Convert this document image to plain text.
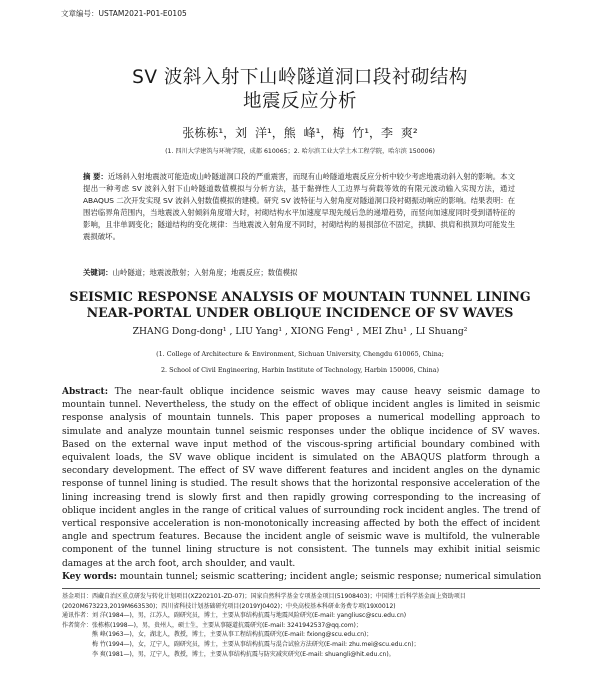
文章编号：USTAM2021-P01-E0105
SV 波斜入射下山岭隧道洞口段衬砌结构
地震反应分析
张栋栋¹，刘 洋¹，熊 峰¹，梅 竹¹，李 爽²
(1. 四川大学建筑与环境学院，成都 610065；2. 哈尔滨工业大学土木工程学院，哈尔滨 150006)
摘 要：近场斜入射地震波可能造成山岭隧道洞口段的严重震害，而现有山岭隧道地震反应分析中较少考虑地震动斜入射的影响。本文提出一种考虑 SV 波斜入射下山岭隧道数值模拟与分析方法，基于黏弹性人工边界与荷载等效的有限元波动输入实现方法，通过 ABAQUS 二次开发实现 SV 波斜入射数值模拟的建模。研究 SV 波特征与入射角度对隧道洞口段衬砌振动响应的影响。结果表明：在围岩临界角范围内，当地震波入射倾斜角度增大时，衬砌结构水平加速度早现先缓后急的递增趋势，而竖向加速度同时受到谱特征的影响，且非单调变化；隧道结构的变化规律：当地震波入射角度不同时，衬砌结构的易损部位不固定，拱脚、拱肩和拱顶均可能发生震损破坏。
关键词：山岭隧道；地震波散射；入射角度；地震反应；数值模拟
SEISMIC RESPONSE ANALYSIS OF MOUNTAIN TUNNEL LINING
NEAR-PORTAL UNDER OBLIQUE INCIDENCE OF SV WAVES
ZHANG Dong-dong¹ , LIU Yang¹ , XIONG Feng¹ , MEI Zhu¹ , LI Shuang²
(1. College of Architecture & Environment, Sichuan University, Chengdu 610065, China;
2. School of Civil Engineering, Harbin Institute of Technology, Harbin 150006, China)
Abstract: The near-fault oblique incidence seismic waves may cause heavy seismic damage to mountain tunnel. Nevertheless, the study on the effect of oblique incident angles is limited in seismic response analysis of mountain tunnels. This paper proposes a numerical modelling approach to simulate and analyze mountain tunnel seismic responses under the oblique incidence of SV waves. Based on the external wave input method of the viscous-spring artificial boundary combined with equivalent loads, the SV wave oblique incident is simulated on the ABAQUS platform through a secondary development. The effect of SV wave different features and incident angles on the dynamic response of tunnel lining is studied. The result shows that the horizontal responsive acceleration of the lining increasing trend is slowly first and then rapidly growing corresponding to the increasing of oblique incident angles in the range of critical values of surrounding rock incident angles. The trend of vertical responsive acceleration is non-monotonically increasing affected by both the effect of incident angle and spectrum features. Because the incident angle of seismic wave is multifold, the vulnerable component of the tunnel lining structure is not consistent. The tunnels may exhibit initial seismic damages at the arch foot, arch shoulder, and vault.
Key words: mountain tunnel; seismic scattering; incident angle; seismic response; numerical simulation
基金项目：西藏自治区重点研发与转化计划项目(XZ202101-ZD-07)；国家自然科学基金专项基金项目(51908403)；中国博士后科学基金面上资助项目
(2020M673223,2019M663530)；四川省科技计划基础研究项目(2019YJ0402)；中央高校基本科研业务费专项(19X0012)
通讯作者：刘 洋(1984—)，男，江苏人，副研究员，博士，主要从事结构抗震与地震风险研究(E-mail: yangliusc@scu.edu.cn)
作者简介：张栋栋(1998—)，男，贵州人，硕士生，主要从事隧道抗震研究(E-mail: 3241942537@qq.com)；
熊 峰(1963—)，女，湖北人，教授，博士，主要从事工程结构抗震研究(E-mail: fxiong@scu.edu.cn)；
梅 竹(1994—)，女，辽宁人，副研究员，博士，主要从事结构抗震与混合试验方法研究(E-mail: zhu.mei@scu.edu.cn)；
李 爽(1981—)，男，辽宁人，教授，博士，主要从事结构抗震与防灾减灾研究(E-mail: shuangli@hit.edu.cn)。
